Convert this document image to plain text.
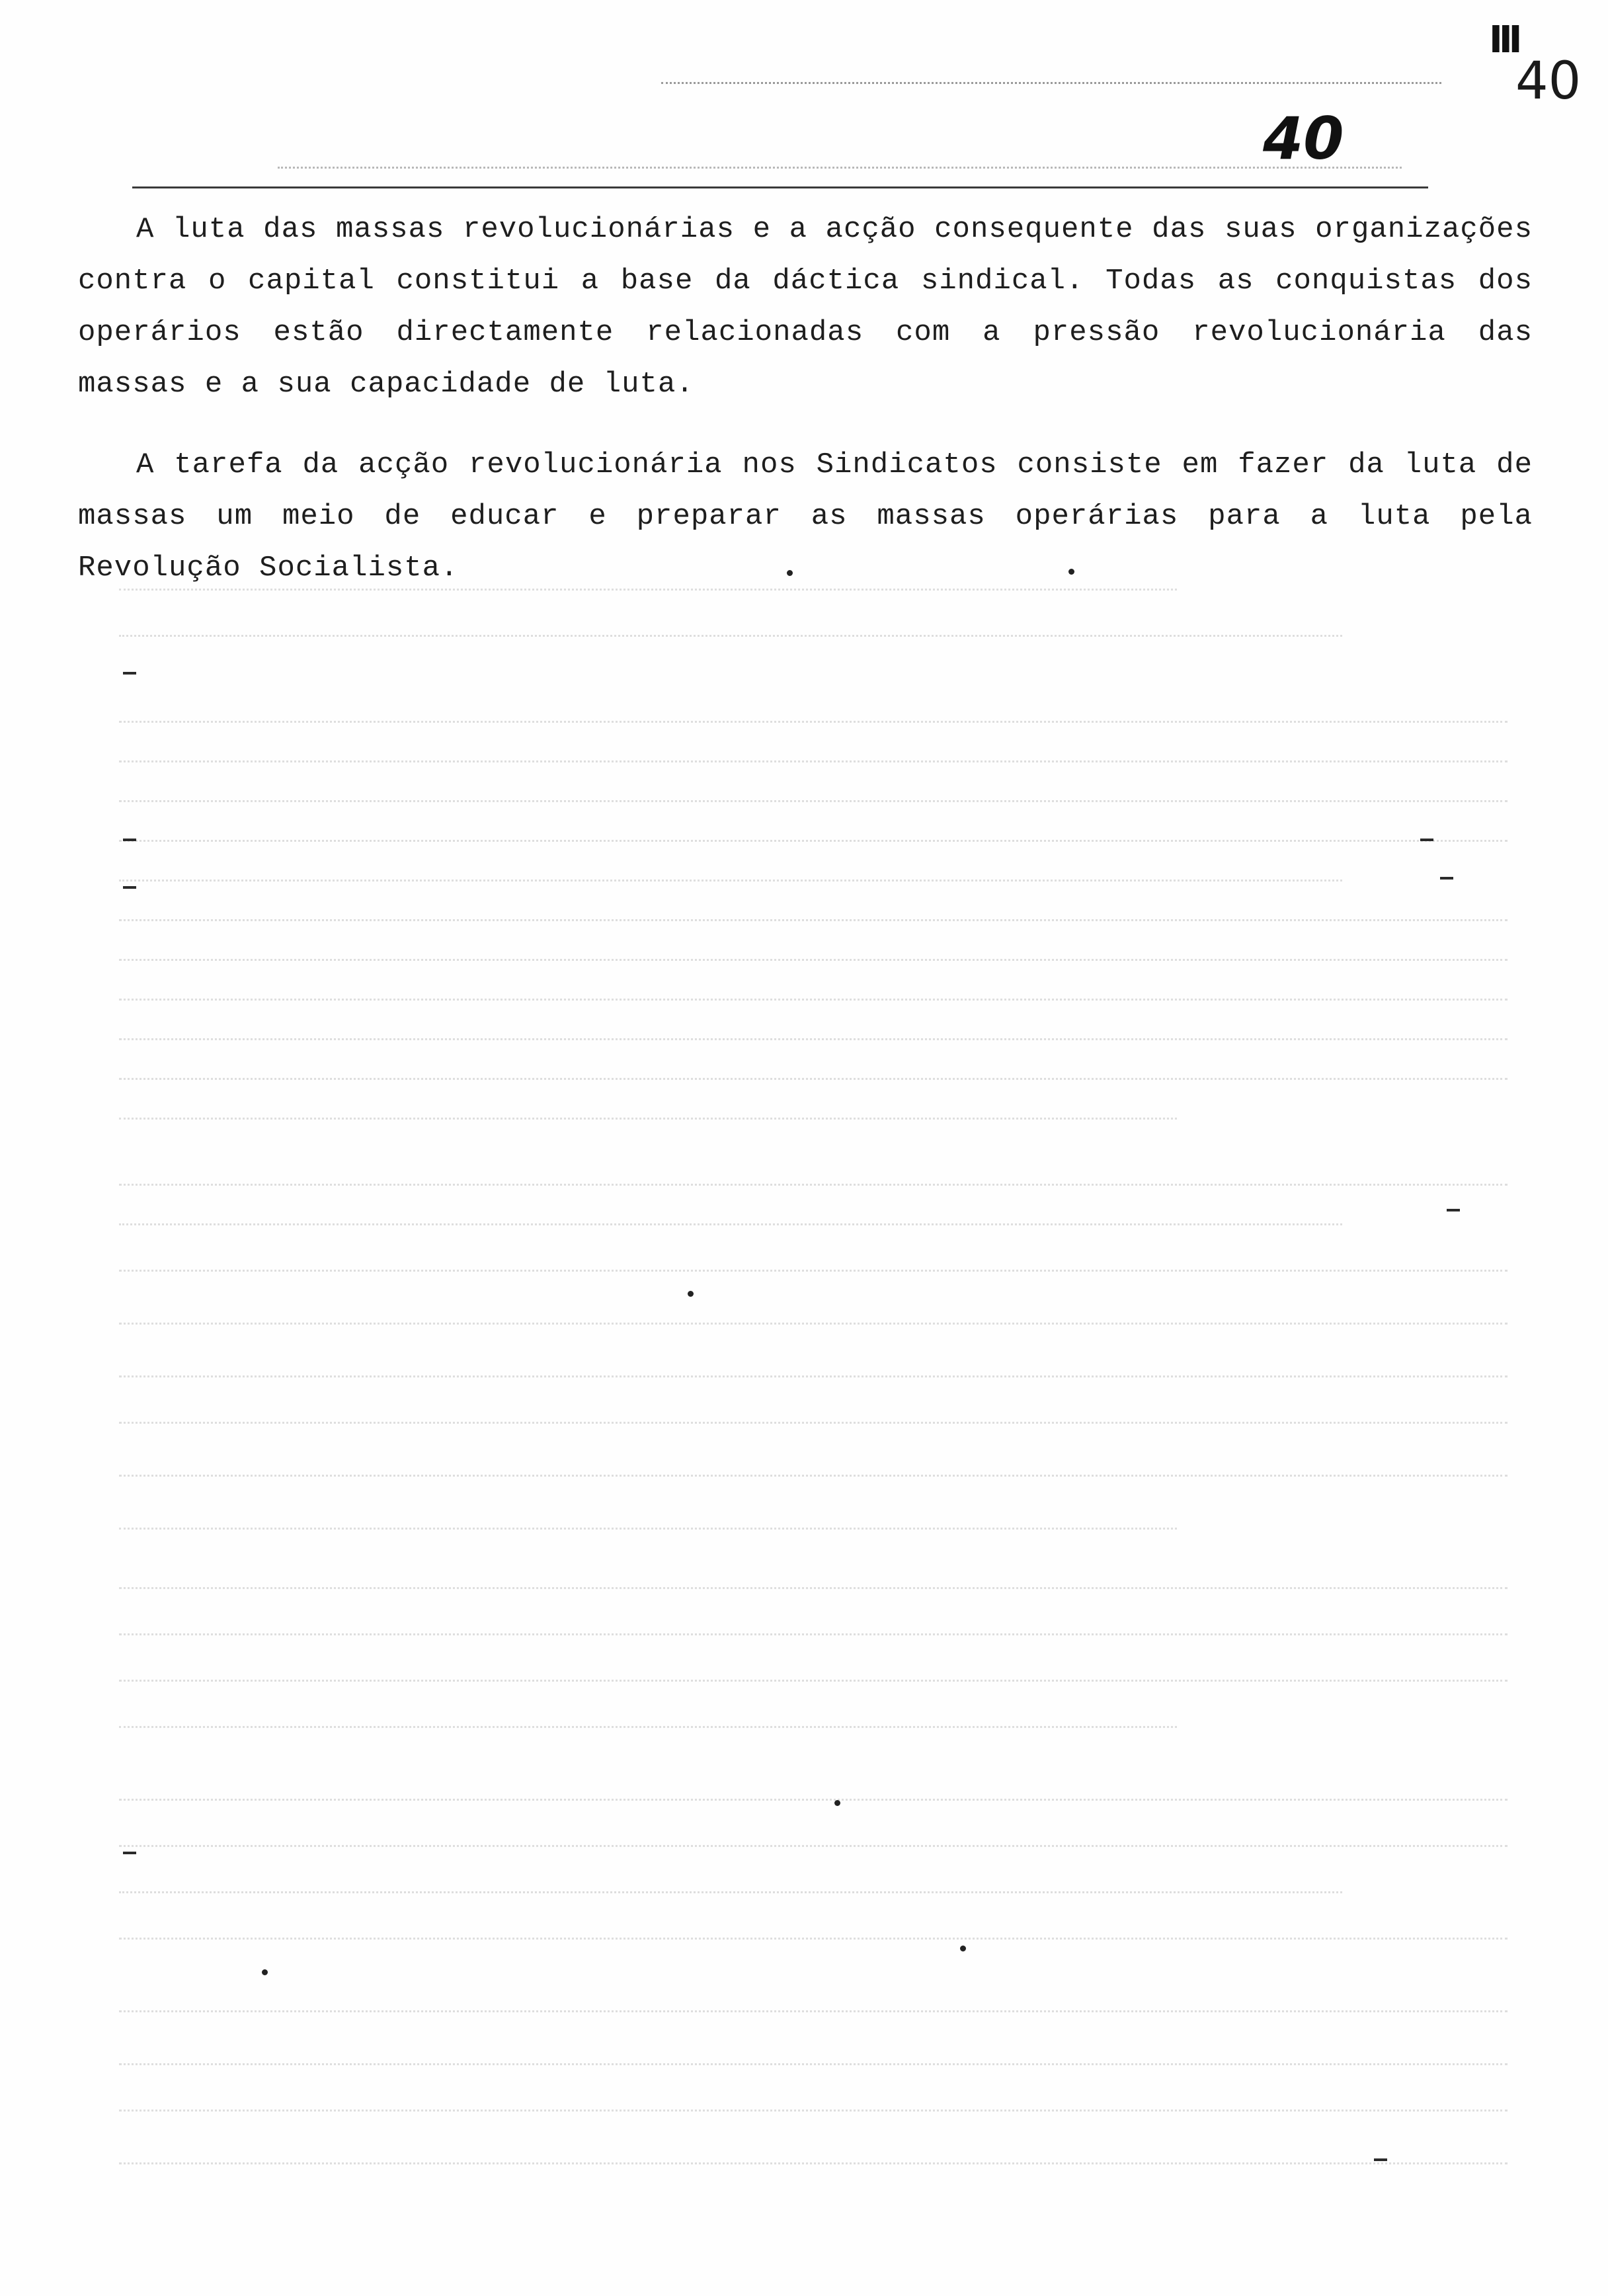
III
40
40

A luta das massas revolucionárias e a acção consequente das suas organizações contra o capital constitui a base da dáctica sindical. Todas as conquistas dos operários estão directamente relacionadas com a pressão revolucionária das massas e a sua capacidade de luta.

A tarefa da acção revolucionária nos Sindicatos consiste em fazer da luta de massas um meio de educar e preparar as massas operárias para a luta pela Revolução Socialista.
